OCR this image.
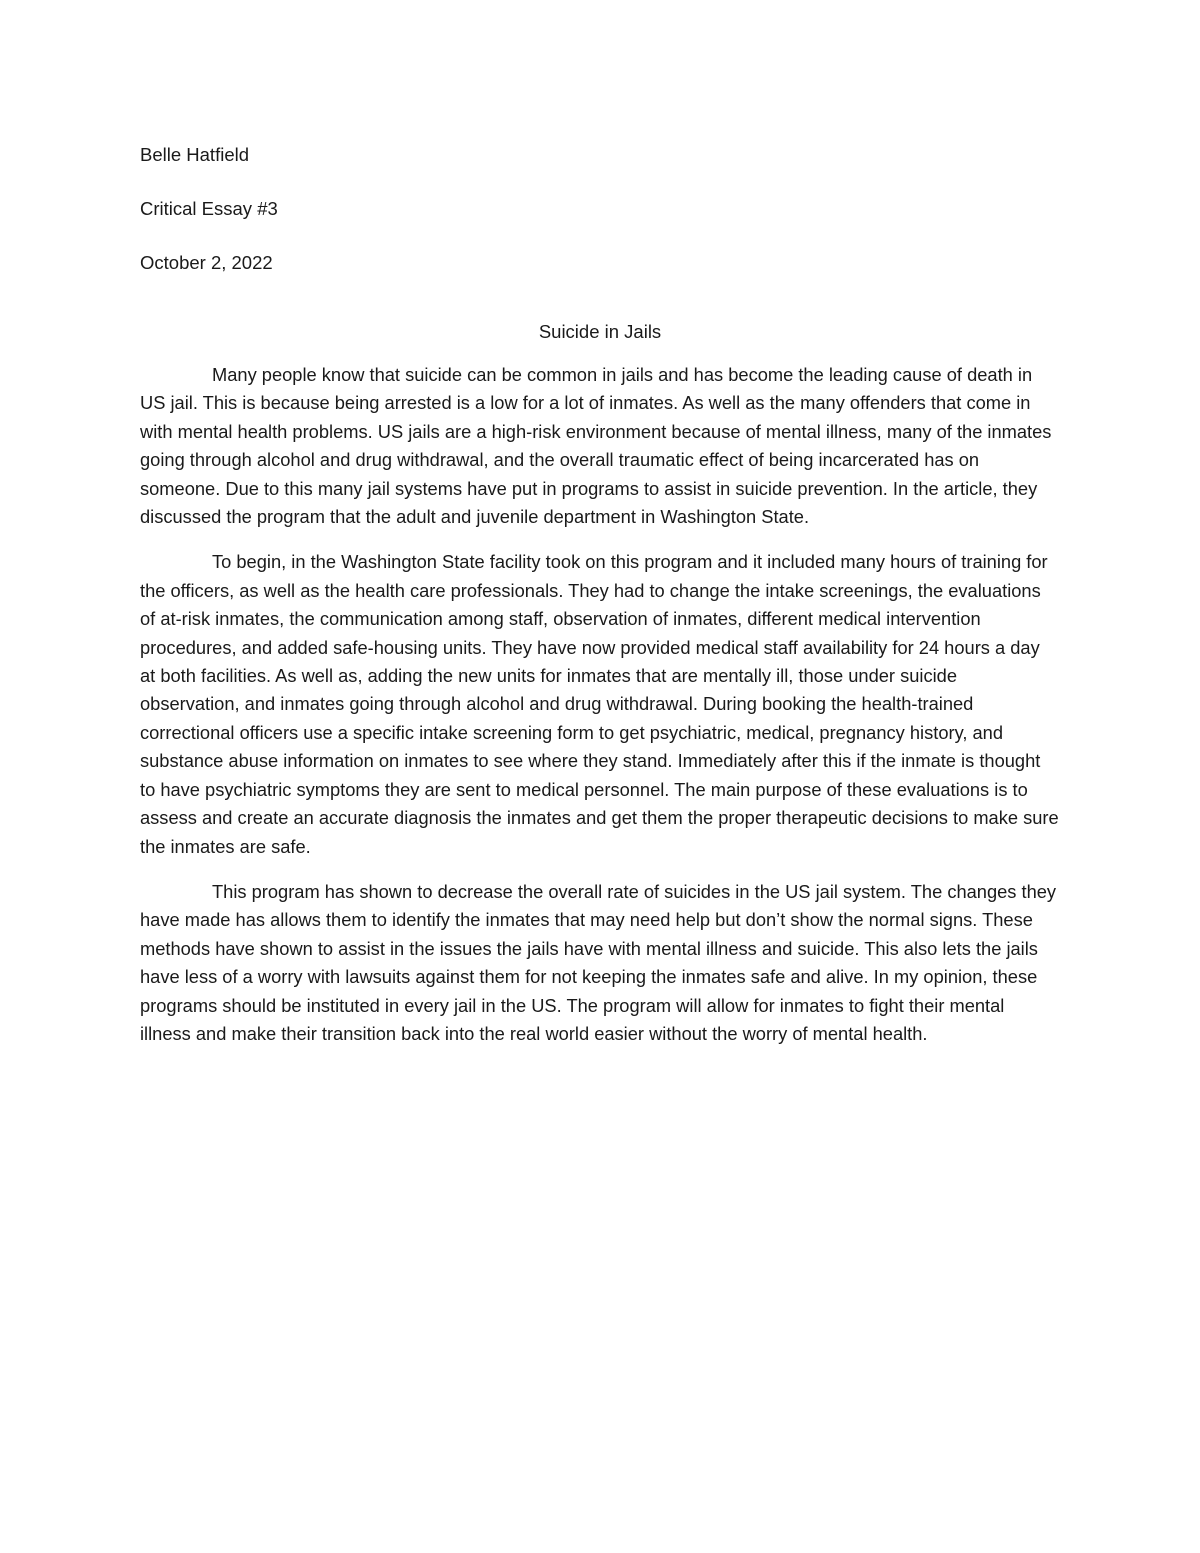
Belle Hatfield

Critical Essay #3

October 2, 2022

Suicide in Jails

Many people know that suicide can be common in jails and has become the leading cause of death in US jail. This is because being arrested is a low for a lot of inmates. As well as the many offenders that come in with mental health problems. US jails are a high-risk environment because of mental illness, many of the inmates going through alcohol and drug withdrawal, and the overall traumatic effect of being incarcerated has on someone. Due to this many jail systems have put in programs to assist in suicide prevention. In the article, they discussed the program that the adult and juvenile department in Washington State.

To begin, in the Washington State facility took on this program and it included many hours of training for the officers, as well as the health care professionals. They had to change the intake screenings, the evaluations of at-risk inmates, the communication among staff, observation of inmates, different medical intervention procedures, and added safe-housing units. They have now provided medical staff availability for 24 hours a day at both facilities. As well as, adding the new units for inmates that are mentally ill, those under suicide observation, and inmates going through alcohol and drug withdrawal. During booking the health-trained correctional officers use a specific intake screening form to get psychiatric, medical, pregnancy history, and substance abuse information on inmates to see where they stand. Immediately after this if the inmate is thought to have psychiatric symptoms they are sent to medical personnel. The main purpose of these evaluations is to assess and create an accurate diagnosis the inmates and get them the proper therapeutic decisions to make sure the inmates are safe.

This program has shown to decrease the overall rate of suicides in the US jail system. The changes they have made has allows them to identify the inmates that may need help but don’t show the normal signs. These methods have shown to assist in the issues the jails have with mental illness and suicide. This also lets the jails have less of a worry with lawsuits against them for not keeping the inmates safe and alive. In my opinion, these programs should be instituted in every jail in the US. The program will allow for inmates to fight their mental illness and make their transition back into the real world easier without the worry of mental health.
